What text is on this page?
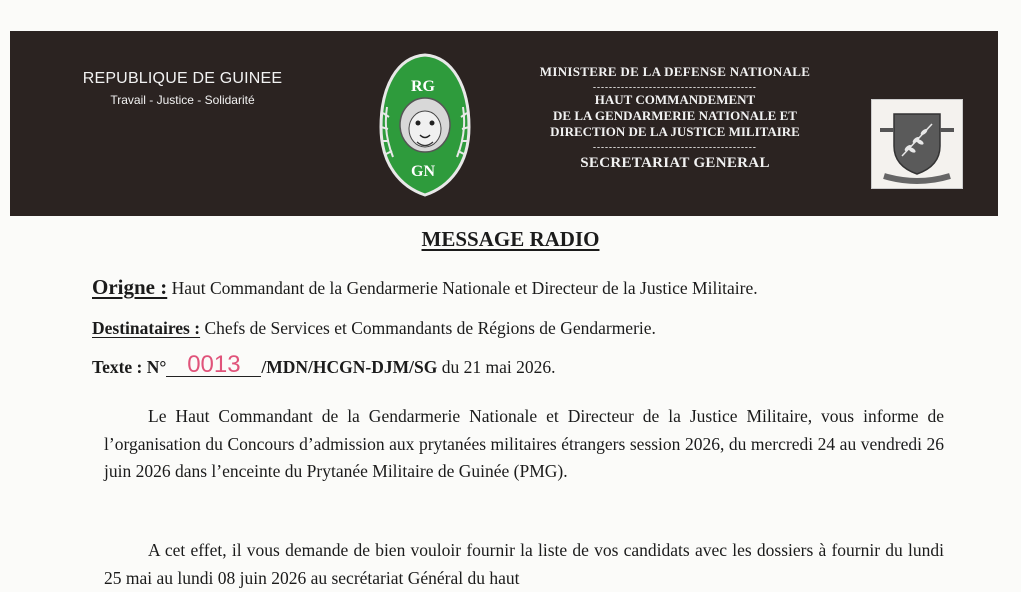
REPUBLIQUE DE GUINEE
Travail - Justice - Solidarité
RG
GN
MINISTERE DE LA DEFENSE NATIONALE
-----------------------------------------
HAUT COMMANDEMENT
DE LA GENDARMERIE NATIONALE ET
DIRECTION DE LA JUSTICE MILITAIRE
-----------------------------------------
SECRETARIAT GENERAL
MESSAGE RADIO
Origne : Haut Commandant de la Gendarmerie Nationale et Directeur de la Justice Militaire.
Destinataires : Chefs de Services et Commandants de Régions de Gendarmerie.
Texte : N° 0013 /MDN/HCGN-DJM/SG du 21 mai 2026.
Le Haut Commandant de la Gendarmerie Nationale et Directeur de la Justice Militaire, vous informe de l’organisation du Concours d’admission aux prytanées militaires étrangers session 2026, du mercredi 24 au vendredi 26 juin 2026 dans l’enceinte du Prytanée Militaire de Guinée (PMG).
A cet effet, il vous demande de bien vouloir fournir la liste de vos candidats avec les dossiers à fournir du lundi 25 mai au lundi 08 juin 2026 au secrétariat Général du haut
